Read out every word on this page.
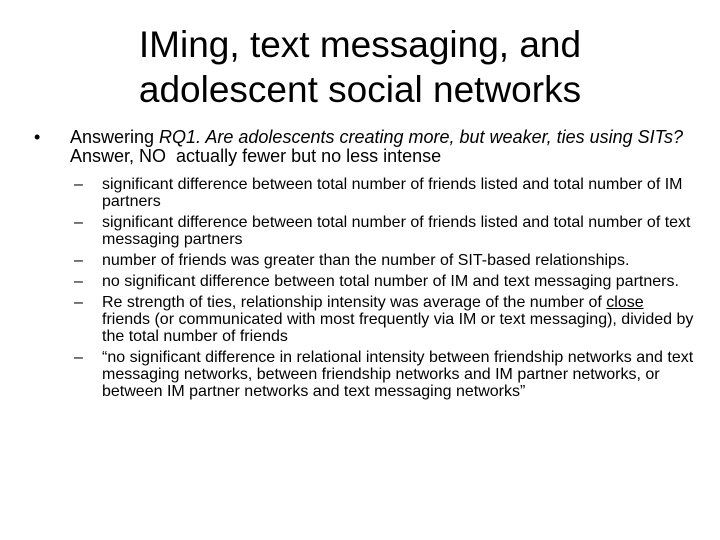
IMing, text messaging, and
adolescent social networks
• Answering RQ1. Are adolescents creating more, but weaker, ties using SITs?  Answer, NO  actually fewer but no less intense
– significant difference between total number of friends listed and total number of IM partners
– significant difference between total number of friends listed and total number of text messaging partners
– number of friends was greater than the number of SIT-based relationships.
– no significant difference between total number of IM and text messaging partners.
– Re strength of ties, relationship intensity was average of the number of close friends (or communicated with most frequently via IM or text messaging), divided by the total number of friends
– “no significant difference in relational intensity between friendship networks and text messaging networks, between friendship networks and IM partner networks, or between IM partner networks and text messaging networks”
